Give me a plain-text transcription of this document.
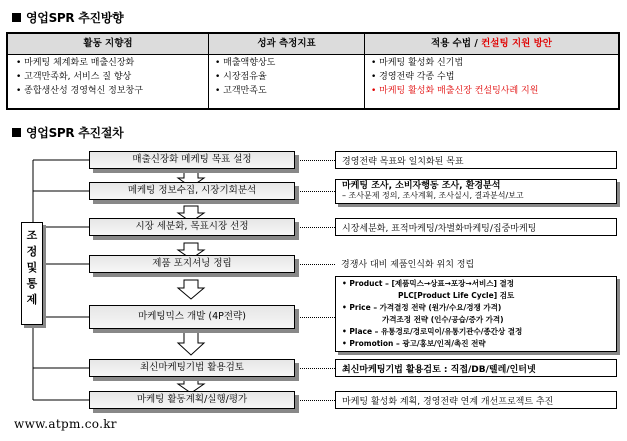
영업SPR 추진방향
활동 지향점	성과 측정지표	적용 수법 / 컨설팅 지원 방안
• 마케팅 체계화로 매출신장화
• 고객만족화, 서비스 질 향상
• 종합생산성 경영혁신 정보창구
• 매출액향상도
• 시장점유율
• 고객만족도
• 마케팅 활성화 신기법
• 경영전략 각종 수법
• 마케팅 활성화 매출신장 컨설팅사례 지원
영업SPR 추진절차
조
정
및
통
제
매출신장화 메케팅 목표 설정
메케팅 정보수집, 시장기회분석
시장 세분화, 목표시장 선정
제품 포지셔닝 정립
마케팅믹스 개발 (4P전략)
최신마케팅기법 활용검토
마케팅 활동계획/실행/평가
경영전략 목표와 일치화된 목표
마케팅 조사, 소비자행동 조사, 환경분석
– 조사문제 정의, 조사계획, 조사실시, 결과분석/보고
시장세분화, 표적마케팅/차별화마케팅/집중마케팅
경쟁사 대비 제품인식화 위치 정립
• Product – [제품믹스→상표→포장→서비스] 결정
PLC[Product Life Cycle] 검토
• Price – 가격결정 전략 (원가/수요/경쟁 가격)
가격조정 전략 (인수/공습/증가 가격)
• Place – 유통경로/경로믹이/유통기관수/종간상 결정
• Promotion – 광고/홍보/인적/촉진 전략
최신마케팅기법 활용검토 : 직접/DB/텔레/인터넷
마케팅 활성화 계획, 경영전략 연계 개선프로젝트 추진
www.atpm.co.kr
